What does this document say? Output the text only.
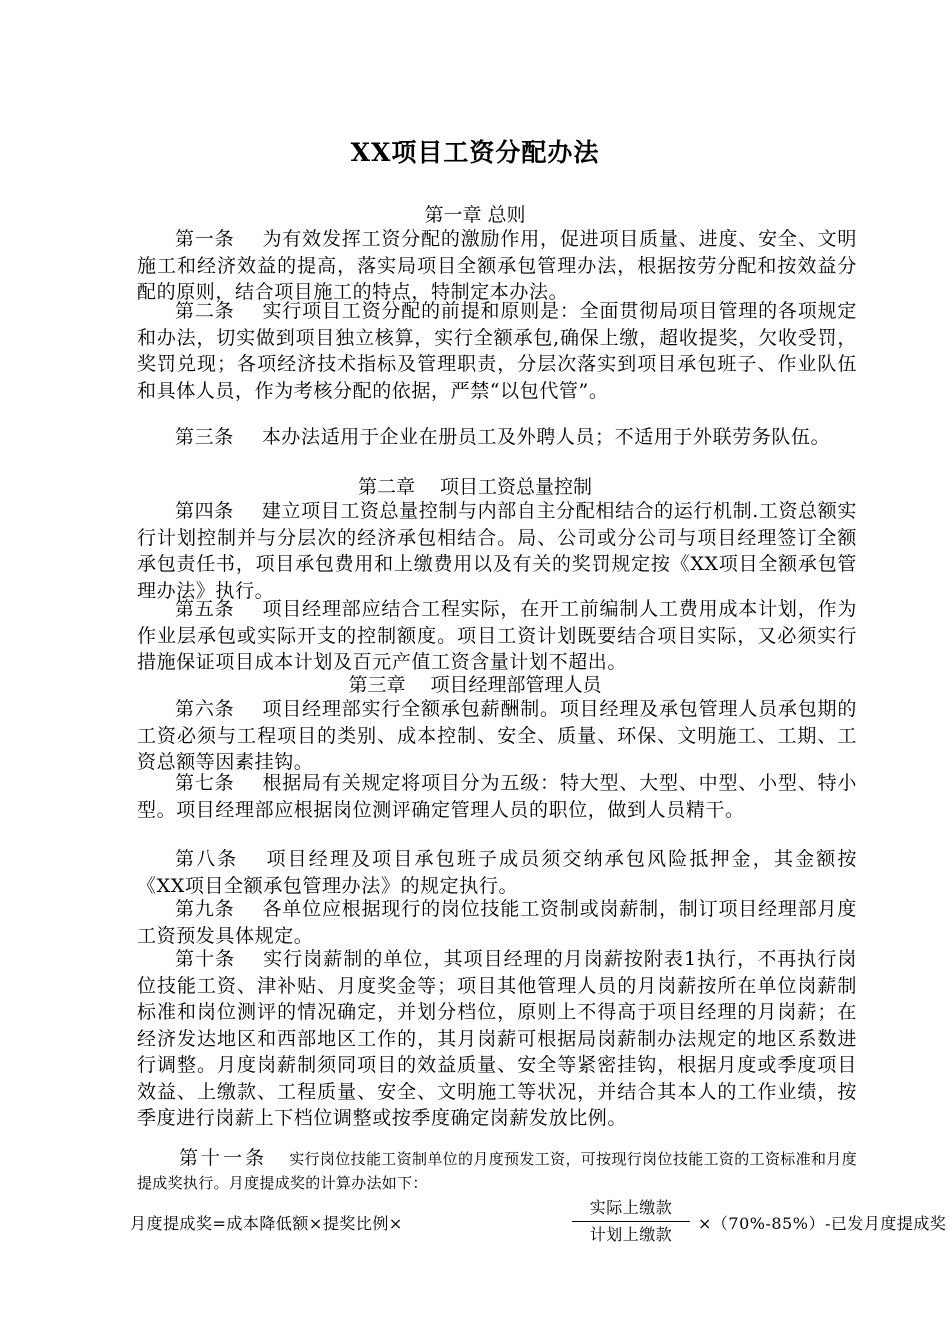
XX项目工资分配办法
第一章 总则
第一条 为有效发挥工资分配的激励作用，促进项目质量、进度、安全、文明施工和经济效益的提高，落实局项目全额承包管理办法，根据按劳分配和按效益分配的原则，结合项目施工的特点，特制定本办法。
第二条 实行项目工资分配的前提和原则是：全面贯彻局项目管理的各项规定和办法，切实做到项目独立核算，实行全额承包,确保上缴，超收提奖，欠收受罚，奖罚兑现；各项经济技术指标及管理职责，分层次落实到项目承包班子、作业队伍和具体人员，作为考核分配的依据，严禁“以包代管”。
第三条 本办法适用于企业在册员工及外聘人员；不适用于外联劳务队伍。
第二章　 项目工资总量控制
第四条 建立项目工资总量控制与内部自主分配相结合的运行机制.工资总额实行计划控制并与分层次的经济承包相结合。局、公司或分公司与项目经理签订全额承包责任书，项目承包费用和上缴费用以及有关的奖罚规定按《XX项目全额承包管理办法》执行。
第五条 项目经理部应结合工程实际，在开工前编制人工费用成本计划，作为作业层承包或实际开支的控制额度。项目工资计划既要结合项目实际，又必须实行措施保证项目成本计划及百元产值工资含量计划不超出。
第三章　 项目经理部管理人员
第六条 项目经理部实行全额承包薪酬制。项目经理及承包管理人员承包期的工资必须与工程项目的类别、成本控制、安全、质量、环保、文明施工、工期、工资总额等因素挂钩。
第七条 根据局有关规定将项目分为五级：特大型、大型、中型、小型、特小型。项目经理部应根据岗位测评确定管理人员的职位，做到人员精干。
第八条 项目经理及项目承包班子成员须交纳承包风险抵押金，其金额按《XX项目全额承包管理办法》的规定执行。
第九条 各单位应根据现行的岗位技能工资制或岗薪制，制订项目经理部月度工资预发具体规定。
第十条 实行岗薪制的单位，其项目经理的月岗薪按附表1执行，不再执行岗位技能工资、津补贴、月度奖金等；项目其他管理人员的月岗薪按所在单位岗薪制标准和岗位测评的情况确定，并划分档位，原则上不得高于项目经理的月岗薪；在经济发达地区和西部地区工作的，其月岗薪可根据局岗薪制办法规定的地区系数进行调整。月度岗薪制须同项目的效益质量、安全等紧密挂钩，根据月度或季度项目效益、上缴款、工程质量、安全、文明施工等状况，并结合其本人的工作业绩，按季度进行岗薪上下档位调整或按季度确定岗薪发放比例。
第十一条 实行岗位技能工资制单位的月度预发工资，可按现行岗位技能工资的工资标准和月度提成奖执行。月度提成奖的计算办法如下：
月度提成奖=成本降低额×提奖比例×
实际上缴款
计划上缴款
×（70%-85%）-已发月度提成奖
